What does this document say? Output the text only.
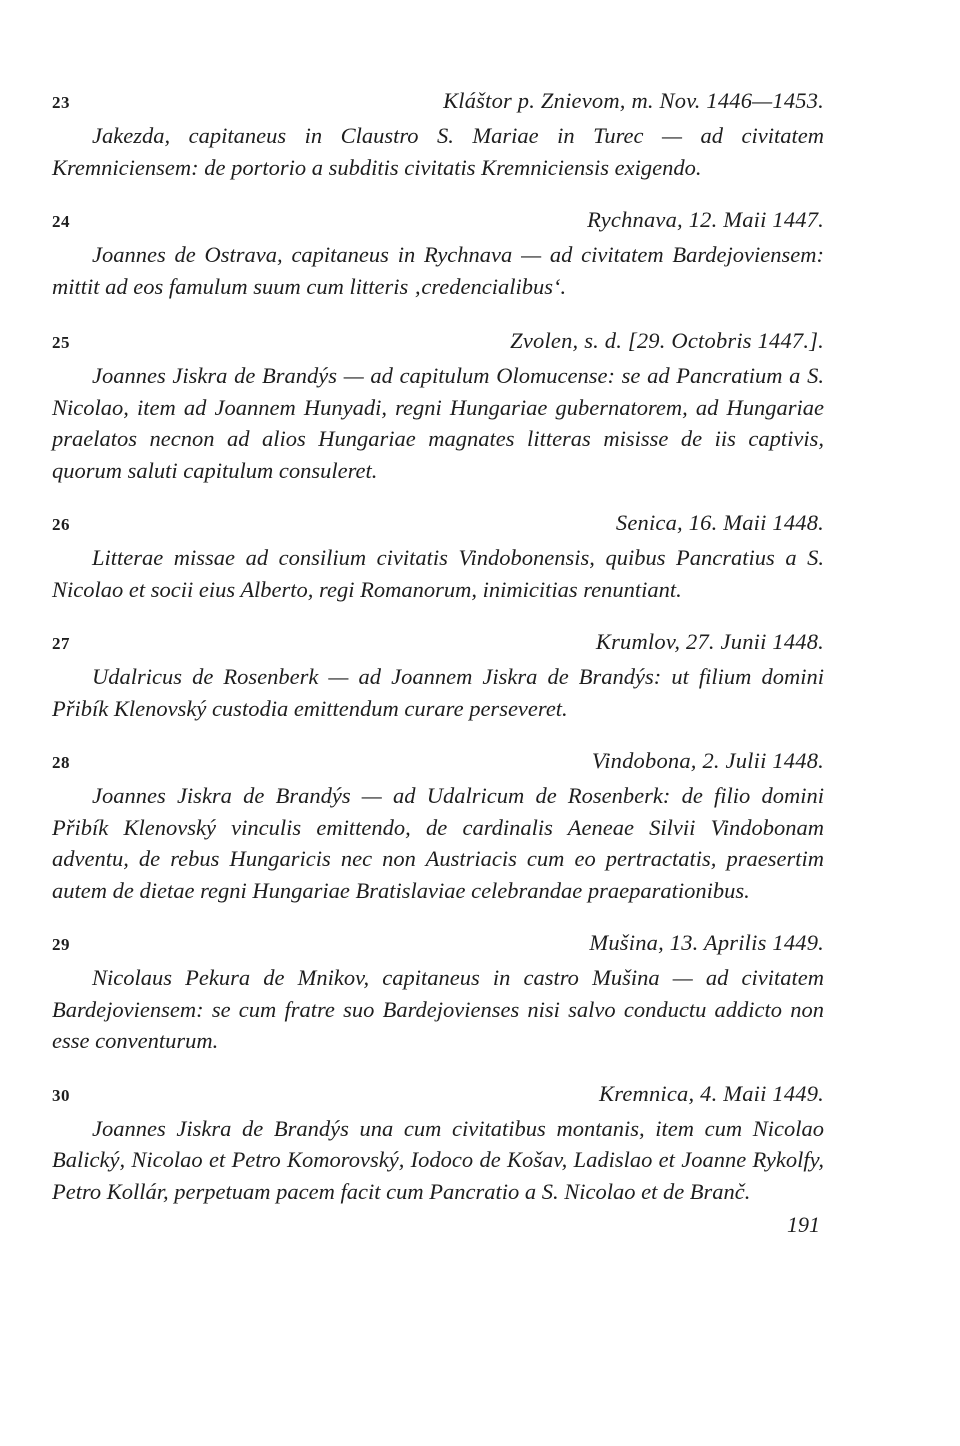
23	Kláštor p. Znievom, m. Nov. 1446—1453.
Jakezda, capitaneus in Claustro S. Mariae in Turec — ad civitatem Kremniciensem: de portorio a subditis civitatis Kremniciensis exigendo.
24	Rychnava, 12. Maii 1447.
Joannes de Ostrava, capitaneus in Rychnava — ad civitatem Bardejoviensem: mittit ad eos famulum suum cum litteris ‚credencialibus‘.
25	Zvolen, s. d. [29. Octobris 1447.].
Joannes Jiskra de Brandýs — ad capitulum Olomucense: se ad Pancratium a S. Nicolao, item ad Joannem Hunyadi, regni Hungariae gubernatorem, ad Hungariae praelatos necnon ad alios Hungariae magnates litteras misisse de iis captivis, quorum saluti capitulum consuleret.
26	Senica, 16. Maii 1448.
Litterae missae ad consilium civitatis Vindobonensis, quibus Pancratius a S. Nicolao et socii eius Alberto, regi Romanorum, inimicitias renuntiant.
27	Krumlov, 27. Junii 1448.
Udalricus de Rosenberk — ad Joannem Jiskra de Brandýs: ut filium domini Přibík Klenovský custodia emittendum curare perseveret.
28	Vindobona, 2. Julii 1448.
Joannes Jiskra de Brandýs — ad Udalricum de Rosenberk: de filio domini Přibík Klenovský vinculis emittendo, de cardinalis Aeneae Silvii Vindobonam adventu, de rebus Hungaricis nec non Austriacis cum eo pertractatis, praesertim autem de dietae regni Hungariae Bratislaviae celebrandae praeparationibus.
29	Mušina, 13. Aprilis 1449.
Nicolaus Pekura de Mnikov, capitaneus in castro Mušina — ad civitatem Bardejoviensem: se cum fratre suo Bardejovienses nisi salvo conductu addicto non esse conventurum.
30	Kremnica, 4. Maii 1449.
Joannes Jiskra de Brandýs una cum civitatibus montanis, item cum Nicolao Balický, Nicolao et Petro Komorovský, Iodoco de Košav, Ladislao et Joanne Rykolfy, Petro Kollár, perpetuam pacem facit cum Pancratio a S. Nicolao et de Branč.
191
